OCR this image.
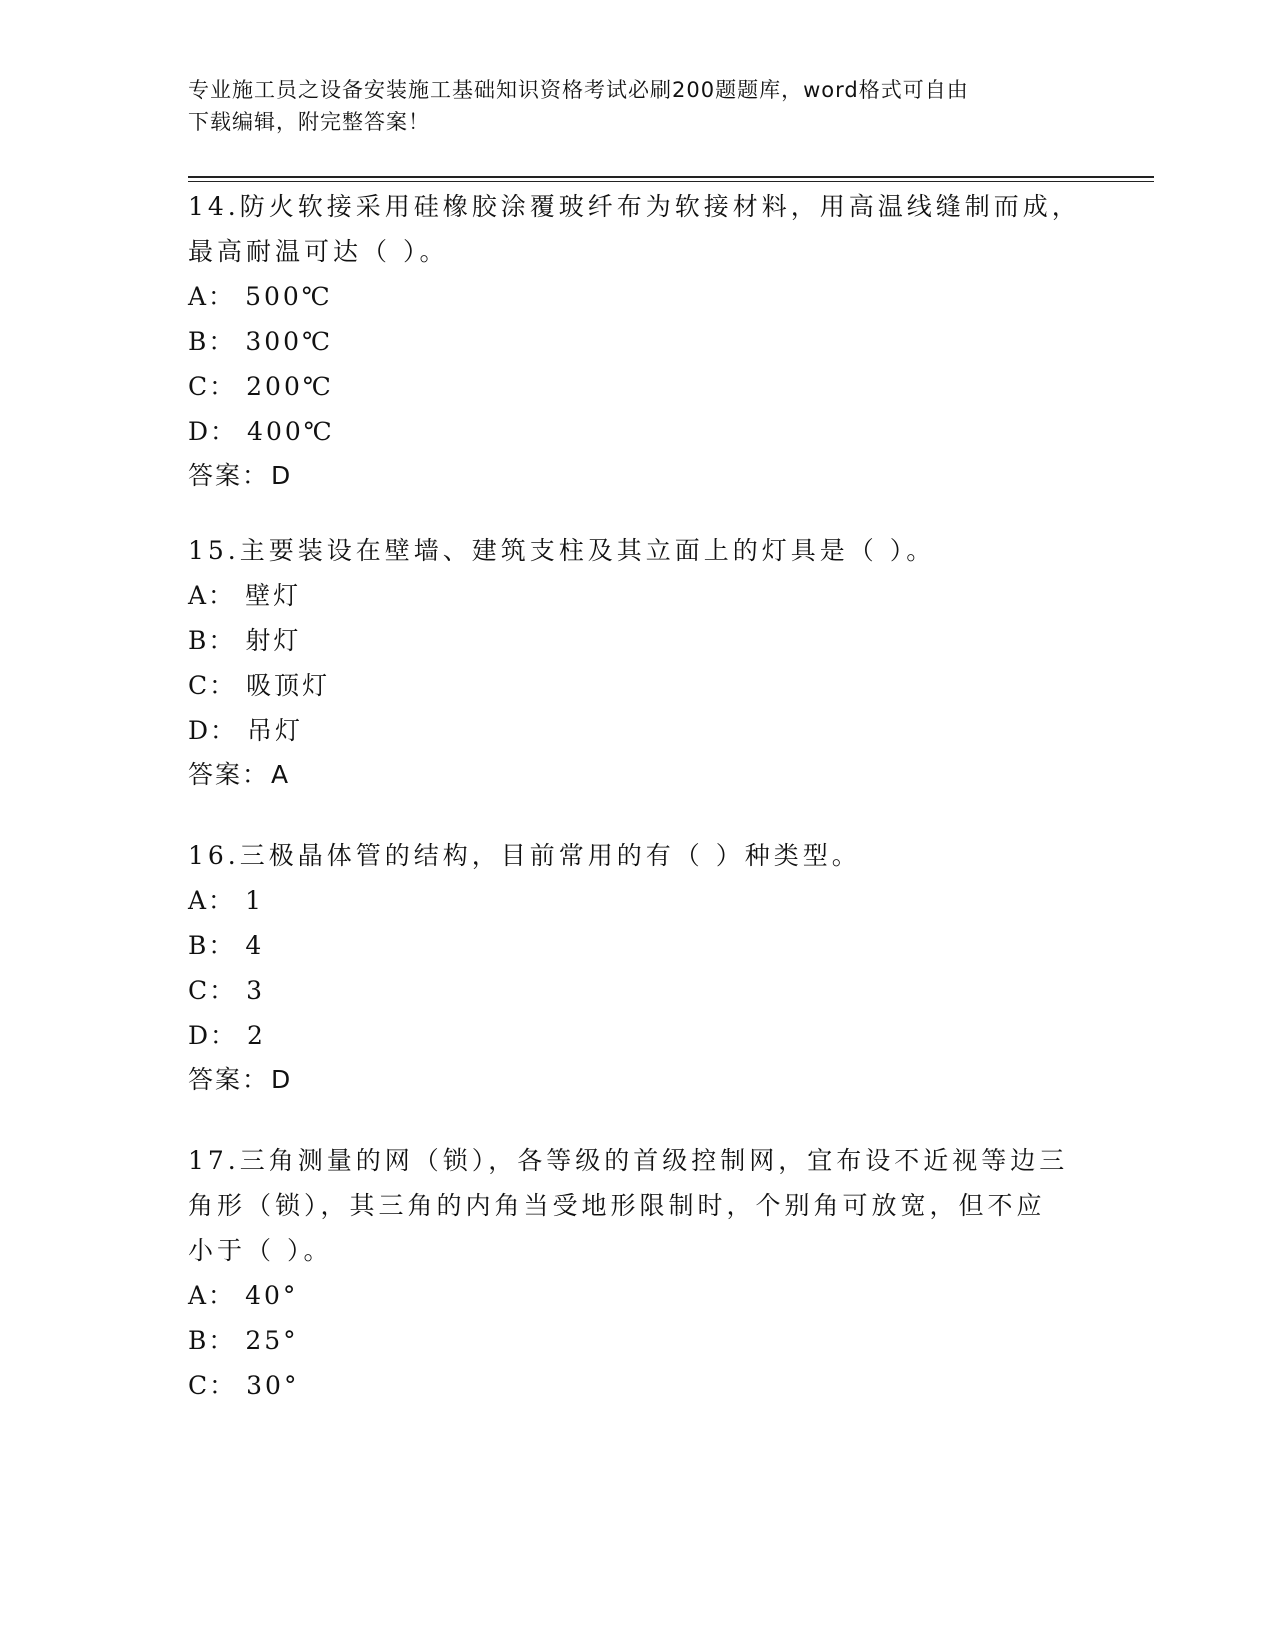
专业施工员之设备安装施工基础知识资格考试必刷200题题库，word格式可自由
下载编辑，附完整答案！

14.防火软接采用硅橡胶涂覆玻纤布为软接材料，用高温线缝制而成，

最高耐温可达（ ）。

A： 500℃

B： 300℃

C： 200℃

D： 400℃

答案：D

15.主要装设在壁墙、建筑支柱及其立面上的灯具是（ ）。

A： 壁灯

B： 射灯

C： 吸顶灯

D： 吊灯

答案：A

16.三极晶体管的结构，目前常用的有（ ）种类型。

A： 1

B： 4

C： 3

D： 2

答案：D

17.三角测量的网（锁），各等级的首级控制网，宜布设不近视等边三

角形（锁），其三角的内角当受地形限制时，个别角可放宽，但不应

小于（ ）。

A： 40°

B： 25°

C： 30°
